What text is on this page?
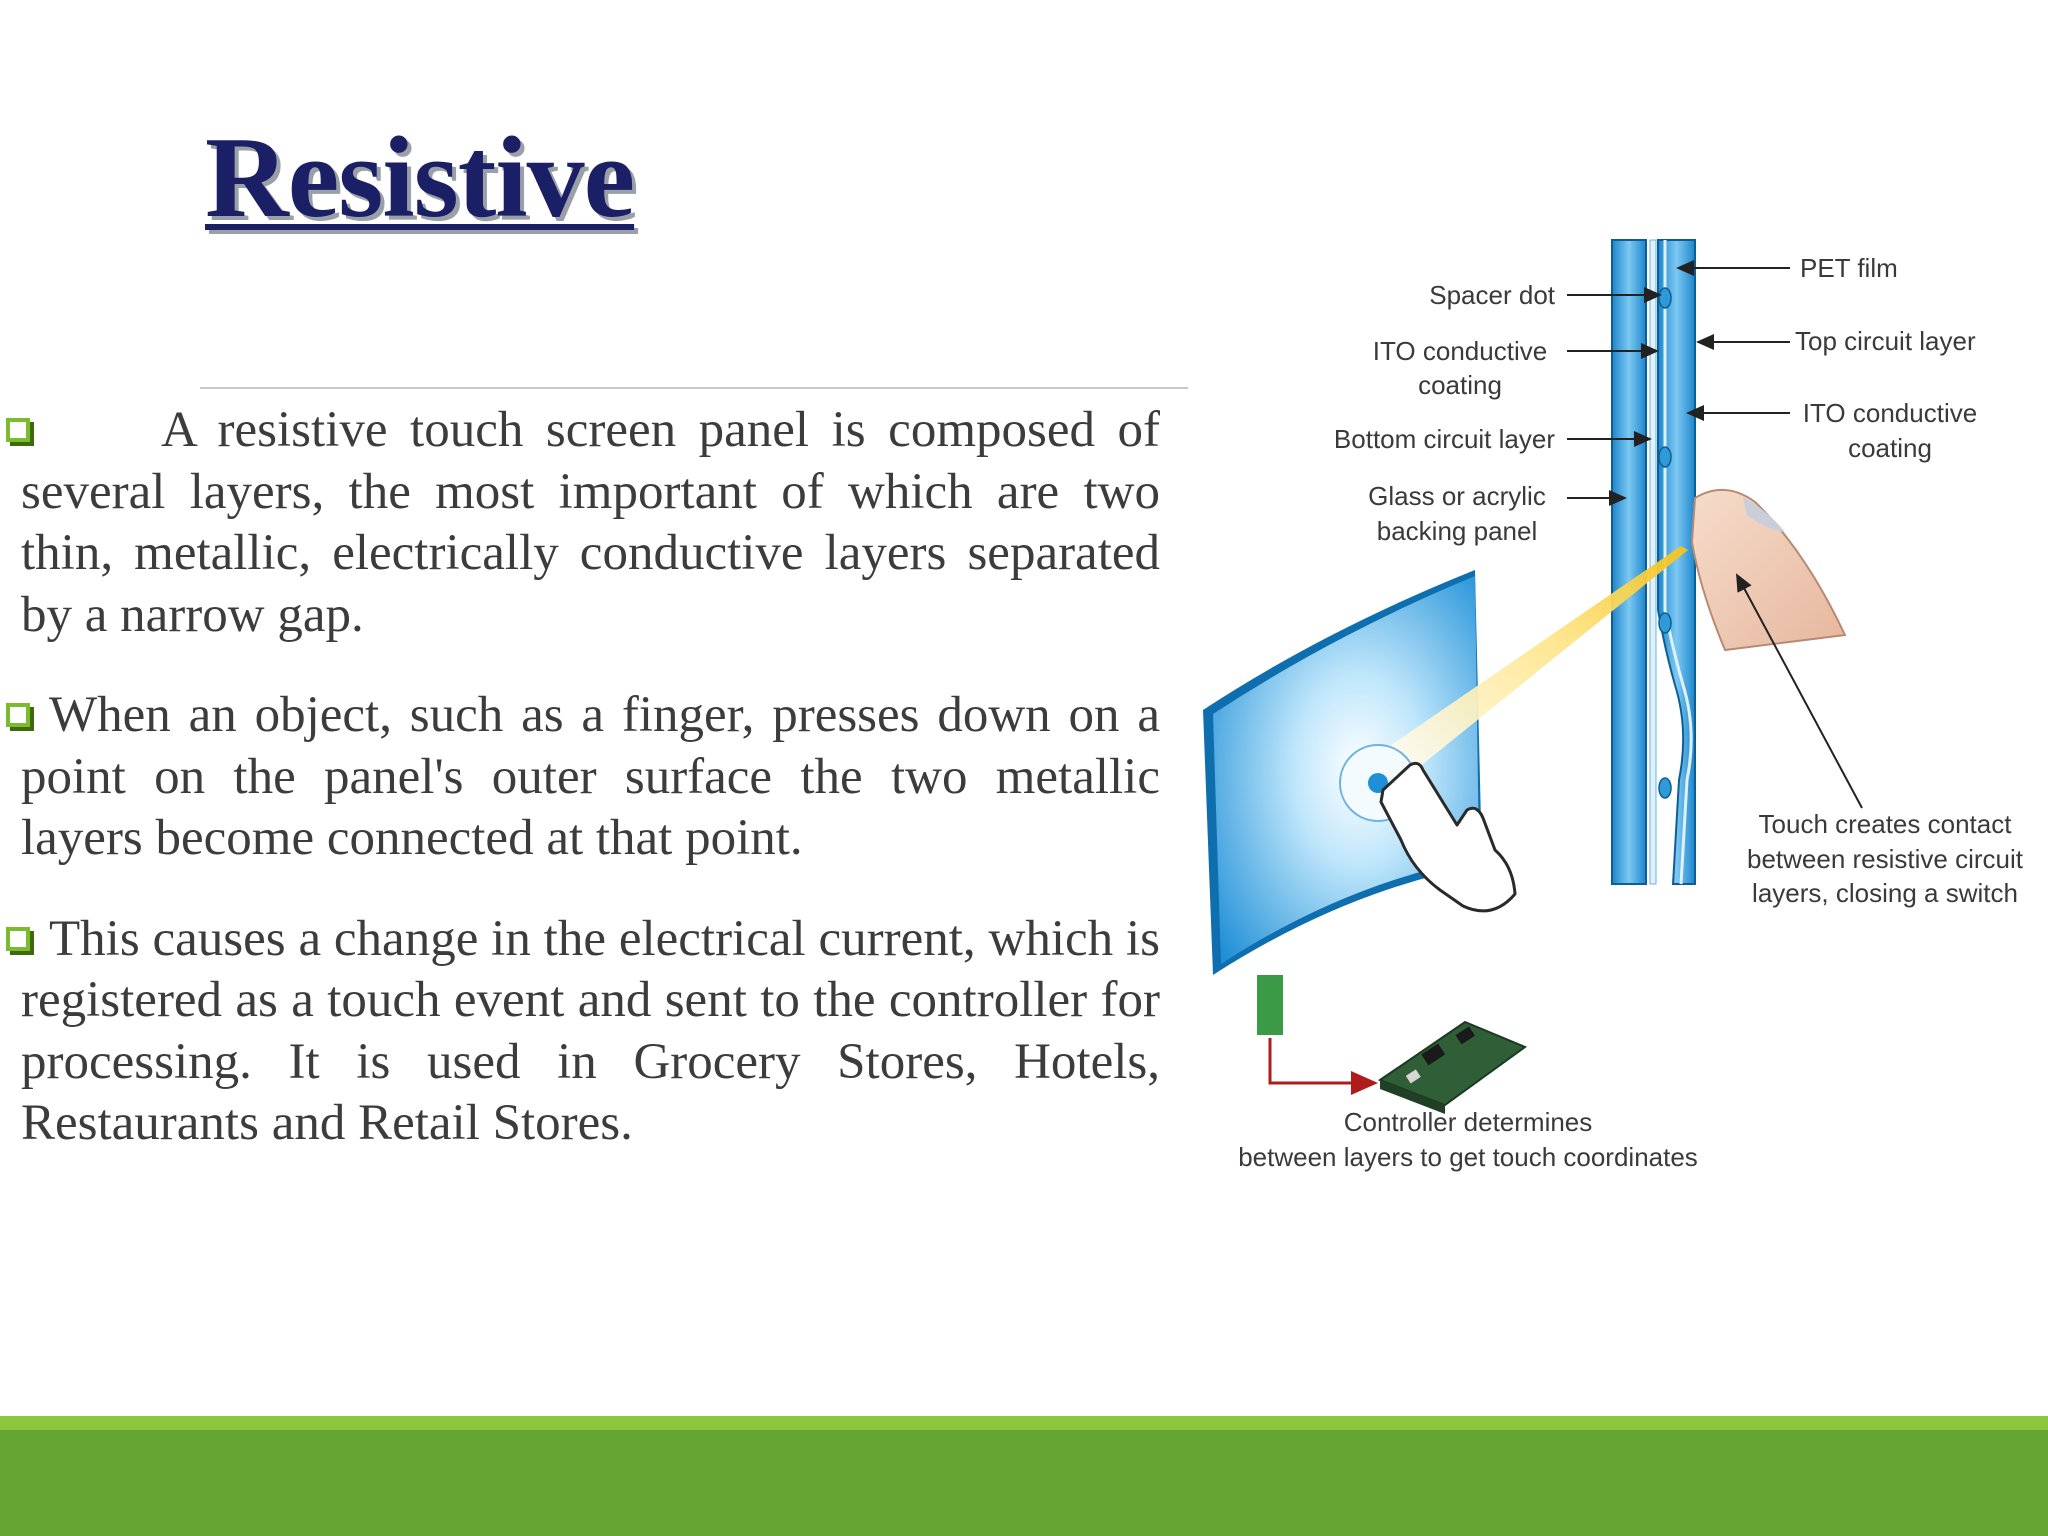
Resistive
A resistive touch screen panel is composed of several layers, the most important of which are two thin, metallic, electrically conductive layers separated by a narrow gap.
When an object, such as a finger, presses down on a point on the panel's outer surface the two metallic layers become connected at that point.
This causes a change in the electrical current, which is registered as a touch event and sent to the controller for processing. It is used in Grocery Stores, Hotels, Restaurants and Retail Stores.
Spacer dot
ITO conductive
coating
Bottom circuit layer
Glass or acrylic
backing panel
PET film
Top circuit layer
ITO conductive
coating
Touch creates contact
between resistive circuit
layers, closing a switch
Controller determines
between layers to get touch coordinates
